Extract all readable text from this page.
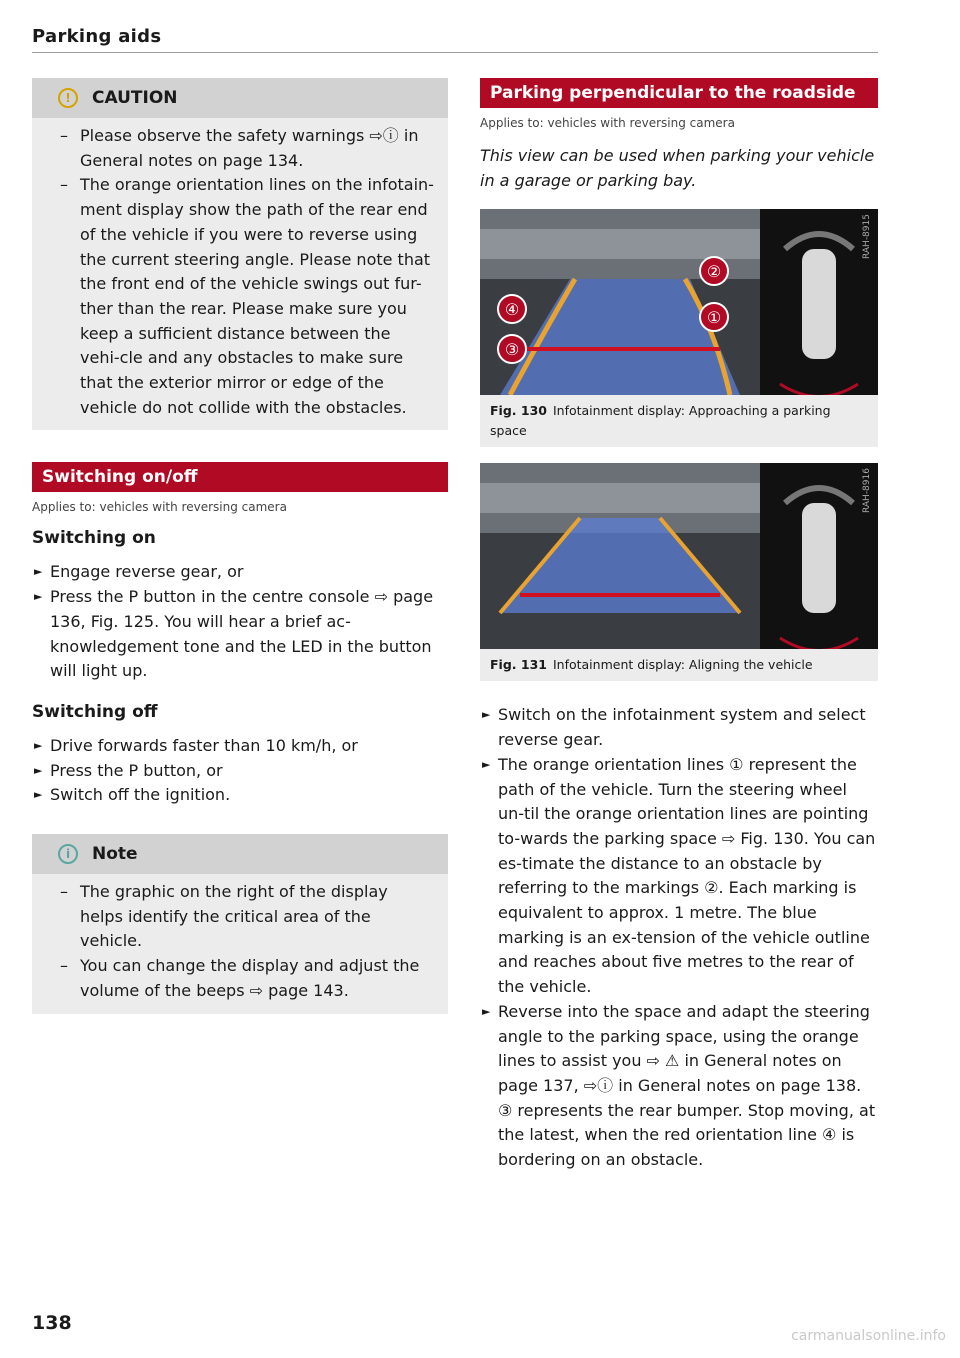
Parking aids
!	CAUTION
– Please observe the safety warnings ⇨ⓘ in General notes on page 134.
– The orange orientation lines on the infotain-ment display show the path of the rear end of the vehicle if you were to reverse using the current steering angle. Please note that the front end of the vehicle swings out fur-ther than the rear. Please make sure you keep a sufficient distance between the vehi-cle and any obstacles to make sure that the exterior mirror or edge of the vehicle do not collide with the obstacles.
Switching on/off
Applies to: vehicles with reversing camera
Switching on
► Engage reverse gear, or
► Press the P button in the centre console ⇨ page 136, Fig. 125. You will hear a brief ac-knowledgement tone and the LED in the button will light up.
Switching off
► Drive forwards faster than 10 km/h, or
► Press the P button, or
► Switch off the ignition.
i	Note
– The graphic on the right of the display helps identify the critical area of the vehicle.
– You can change the display and adjust the volume of the beeps ⇨ page 143.
Parking perpendicular to the roadside
Applies to: vehicles with reversing camera
This view can be used when parking your vehicle in a garage or parking bay.
④
③
②
①
RAH-8915
Fig. 130 Infotainment display: Approaching a parking space
RAH-8916
Fig. 131 Infotainment display: Aligning the vehicle
► Switch on the infotainment system and select reverse gear.
► The orange orientation lines ① represent the path of the vehicle. Turn the steering wheel un-til the orange orientation lines are pointing to-wards the parking space ⇨ Fig. 130. You can es-timate the distance to an obstacle by referring to the markings ②. Each marking is equivalent to approx. 1 metre. The blue marking is an ex-tension of the vehicle outline and reaches about five metres to the rear of the vehicle.
► Reverse into the space and adapt the steering angle to the parking space, using the orange lines to assist you ⇨ ⚠ in General notes on page 137, ⇨ⓘ in General notes on page 138. ③ represents the rear bumper. Stop moving, at the latest, when the red orientation line ④ is bordering on an obstacle.
138
carmanualsonline.info
